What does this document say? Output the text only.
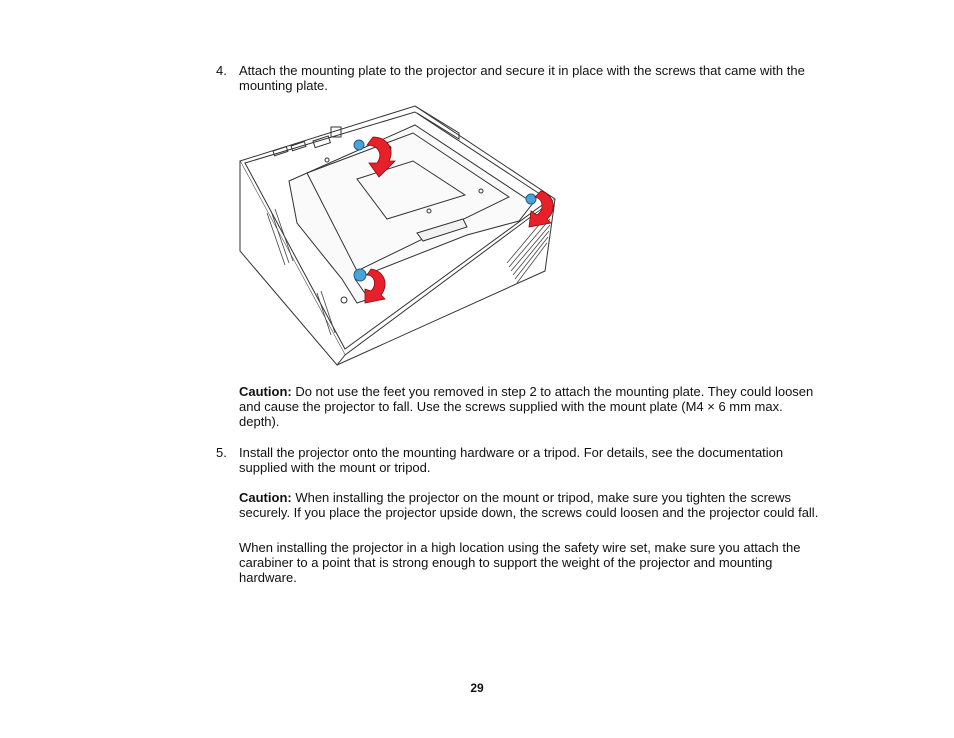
4. Attach the mounting plate to the projector and secure it in place with the screws that came with the mounting plate.
Caution: Do not use the feet you removed in step 2 to attach the mounting plate. They could loosen and cause the projector to fall. Use the screws supplied with the mount plate (M4 × 6 mm max. depth).
5. Install the projector onto the mounting hardware or a tripod. For details, see the documentation supplied with the mount or tripod.
Caution: When installing the projector on the mount or tripod, make sure you tighten the screws securely. If you place the projector upside down, the screws could loosen and the projector could fall.
When installing the projector in a high location using the safety wire set, make sure you attach the carabiner to a point that is strong enough to support the weight of the projector and mounting hardware.
29
